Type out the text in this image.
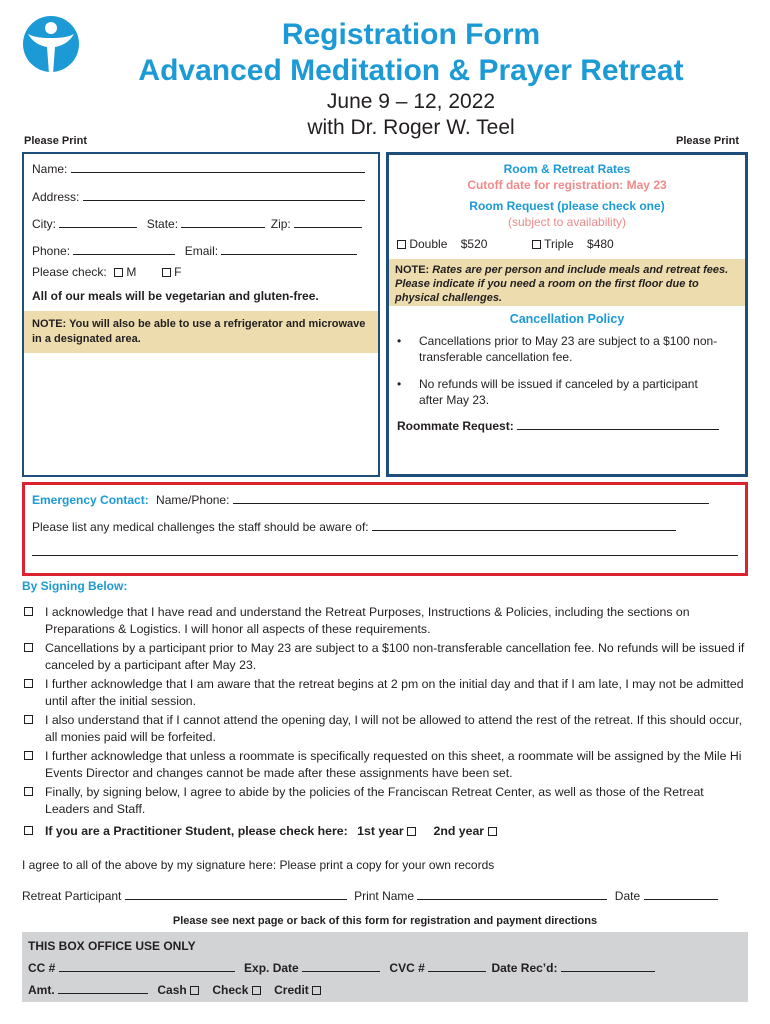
Registration Form
Advanced Meditation & Prayer Retreat
June 9 – 12, 2022
with Dr. Roger W. Teel
Please Print	Please Print
Name:
Address:
City:	State:	Zip:
Phone:	Email:
Please check: M	F
All of our meals will be vegetarian and gluten-free.
NOTE: You will also be able to use a refrigerator and microwave in a designated area.
Room & Retreat Rates
Cutoff date for registration: May 23
Room Request (please check one)
(subject to availability)
Double $520	Triple $480
NOTE: Rates are per person and include meals and retreat fees. Please indicate if you need a room on the first floor due to physical challenges.
Cancellation Policy
• Cancellations prior to May 23 are subject to a $100 non-transferable cancellation fee.
• No refunds will be issued if canceled by a participant after May 23.
Roommate Request:
Emergency Contact: Name/Phone:
Please list any medical challenges the staff should be aware of:
By Signing Below:
I acknowledge that I have read and understand the Retreat Purposes, Instructions & Policies, including the sections on Preparations & Logistics. I will honor all aspects of these requirements.
Cancellations by a participant prior to May 23 are subject to a $100 non-transferable cancellation fee. No refunds will be issued if canceled by a participant after May 23.
I further acknowledge that I am aware that the retreat begins at 2 pm on the initial day and that if I am late, I may not be admitted until after the initial session.
I also understand that if I cannot attend the opening day, I will not be allowed to attend the rest of the retreat. If this should occur, all monies paid will be forfeited.
I further acknowledge that unless a roommate is specifically requested on this sheet, a roommate will be assigned by the Mile Hi Events Director and changes cannot be made after these assignments have been set.
Finally, by signing below, I agree to abide by the policies of the Franciscan Retreat Center, as well as those of the Retreat Leaders and Staff.
If you are a Practitioner Student, please check here: 1st year 2nd year
I agree to all of the above by my signature here: Please print a copy for your own records
Retreat Participant	Print Name	Date
Please see next page or back of this form for registration and payment directions
THIS BOX OFFICE USE ONLY
CC #	Exp. Date	CVC #	Date Rec’d:
Amt.	Cash Check Credit
